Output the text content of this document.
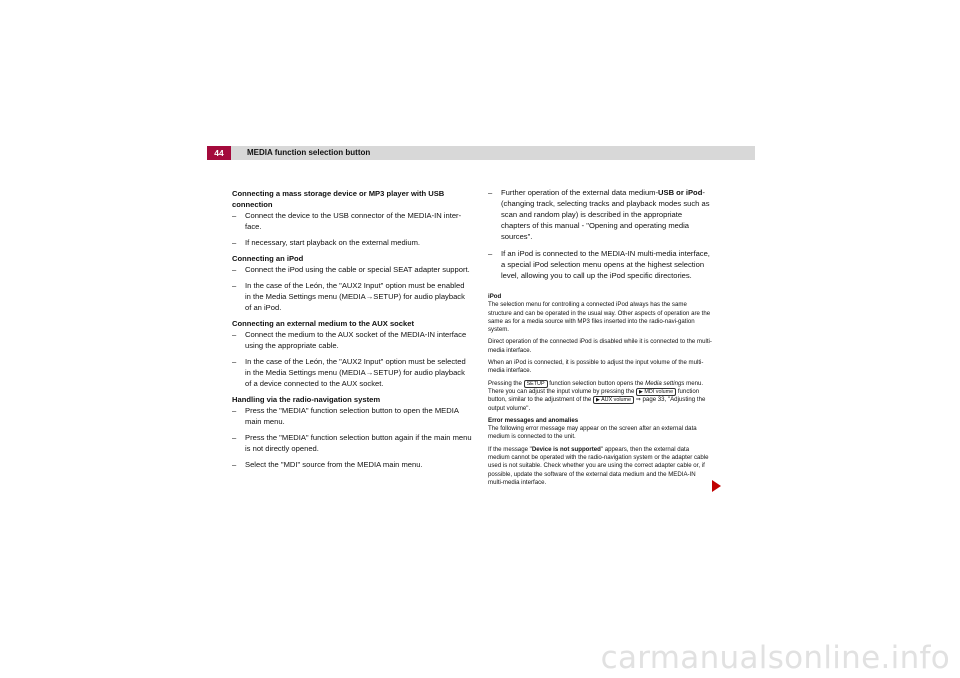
44	MEDIA function selection button

Connecting a mass storage device or MP3 player with USB connection

– Connect the device to the USB connector of the MEDIA-IN inter-face.

– If necessary, start playback on the external medium.

Connecting an iPod

– Connect the iPod using the cable or special SEAT adapter support.

– In the case of the León, the "AUX2 Input" option must be enabled in the Media Settings menu (MEDIA→SETUP) for audio playback of an iPod.

Connecting an external medium to the AUX socket

– Connect the medium to the AUX socket of the MEDIA-IN interface using the appropriate cable.

– In the case of the León, the "AUX2 Input" option must be selected in the Media Settings menu (MEDIA→SETUP) for audio playback of a device connected to the AUX socket.

Handling via the radio-navigation system

– Press the "MEDIA" function selection button to open the MEDIA main menu.

– Press the "MEDIA" function selection button again if the main menu is not directly opened.

– Select the "MDI" source from the MEDIA main menu.

– Further operation of the external data medium-USB or iPod- (changing track, selecting tracks and playback modes such as scan and random play) is described in the appropriate chapters of this manual - "Opening and operating media sources".

– If an iPod is connected to the MEDIA-IN multi-media interface, a special iPod selection menu opens at the highest selection level, allowing you to call up the iPod specific directories.

iPod

The selection menu for controlling a connected iPod always has the same structure and can be operated in the usual way. Other aspects of operation are the same as for a media source with MP3 files inserted into the radio-navi-gation system.

Direct operation of the connected iPod is disabled while it is connected to the multi-media interface.

When an iPod is connected, it is possible to adjust the input volume of the multi-media interface.

Pressing the SETUP function selection button opens the Media settings menu. There you can adjust the input volume by pressing the ▶ MDI volume function button, similar to the adjustment of the ▶ AUX volume ⇒ page 33, "Adjusting the output volume".

Error messages and anomalies

The following error message may appear on the screen after an external data medium is connected to the unit.

If the message "Device is not supported" appears, then the external data medium cannot be operated with the radio-navigation system or the adapter cable used is not suitable. Check whether you are using the correct adapter cable or, if possible, update the software of the external data medium and the MEDIA-IN multi-media interface.

carmanualsonline.info
